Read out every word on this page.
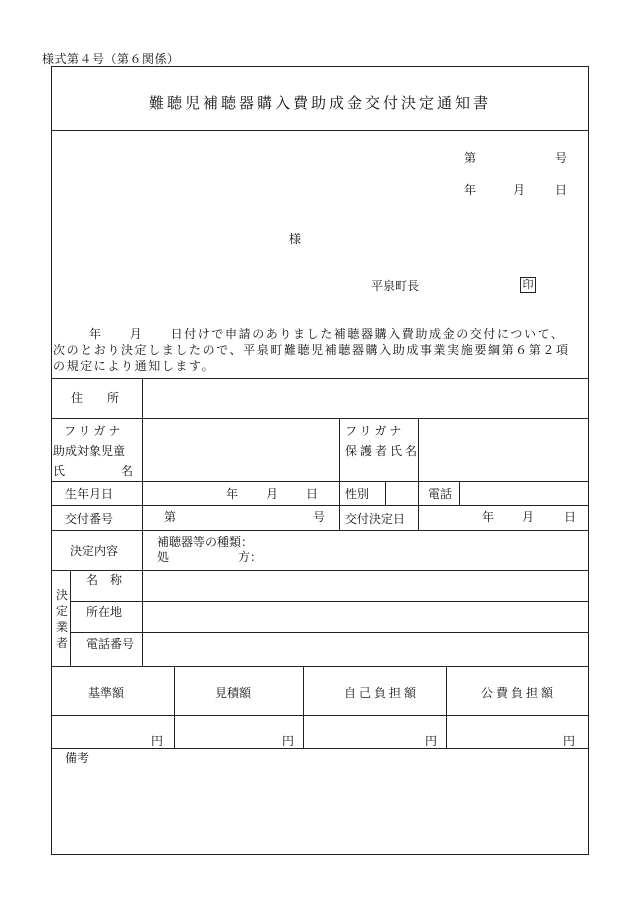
様式第４号（第６関係）
難聴児補聴器購入費助成金交付決定通知書
第	号
年	月 日
様
平泉町長	印
年　　月　　日付けで申請のありました補聴器購入費助成金の交付について、
次のとおり決定しましたので、平泉町難聴児補聴器購入助成事業実施要綱第６第２項
の規定により通知します。
住　　所
フリガナ
助成対象児童
氏	名
フリガナ
保護者氏名
生年月日	年 月 日 性別	電話
交付番号	第	号 交付決定日	年 月 日
決定内容
補聴器等の種類：
処	方：
決
定
業
者
名　称
所在地
電話番号
基準額	見積額	自己負担額	公費負担額
円	円	円	円
備考
